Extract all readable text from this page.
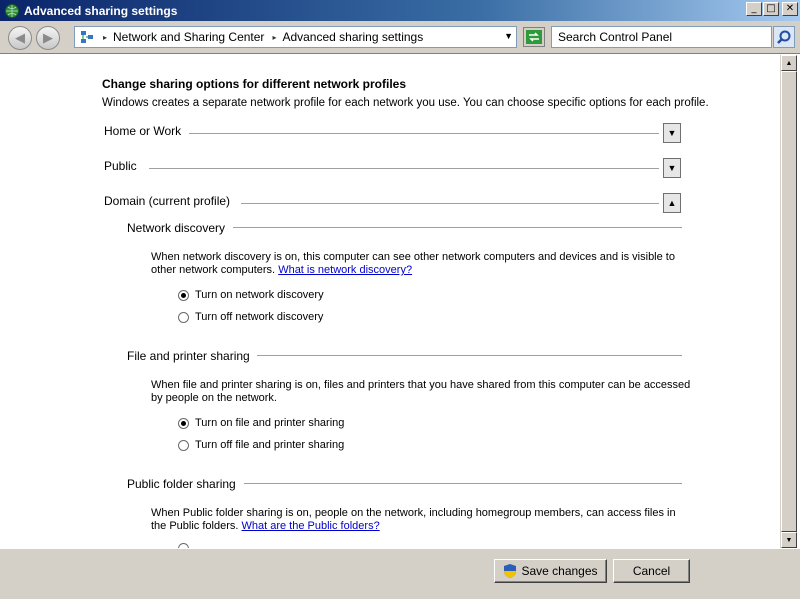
Advanced sharing settings	_ □	✕
◀	▶	▸ Network and Sharing Center ▸ Advanced sharing settings	▼	Search Control Panel
Change sharing options for different network profiles
Windows creates a separate network profile for each network you use. You can choose specific options for each profile.
Home or Work	▼
Public	▼
Domain (current profile)	▲
Network discovery
When network discovery is on, this computer can see other network computers and devices and is visible to other network computers. What is network discovery?
Turn on network discovery
Turn off network discovery
File and printer sharing
When file and printer sharing is on, files and printers that you have shared from this computer can be accessed by people on the network.
Turn on file and printer sharing
Turn off file and printer sharing
Public folder sharing
When Public folder sharing is on, people on the network, including homegroup members, can access files in the Public folders. What are the Public folders?
▲
▼
Save changes	Cancel
